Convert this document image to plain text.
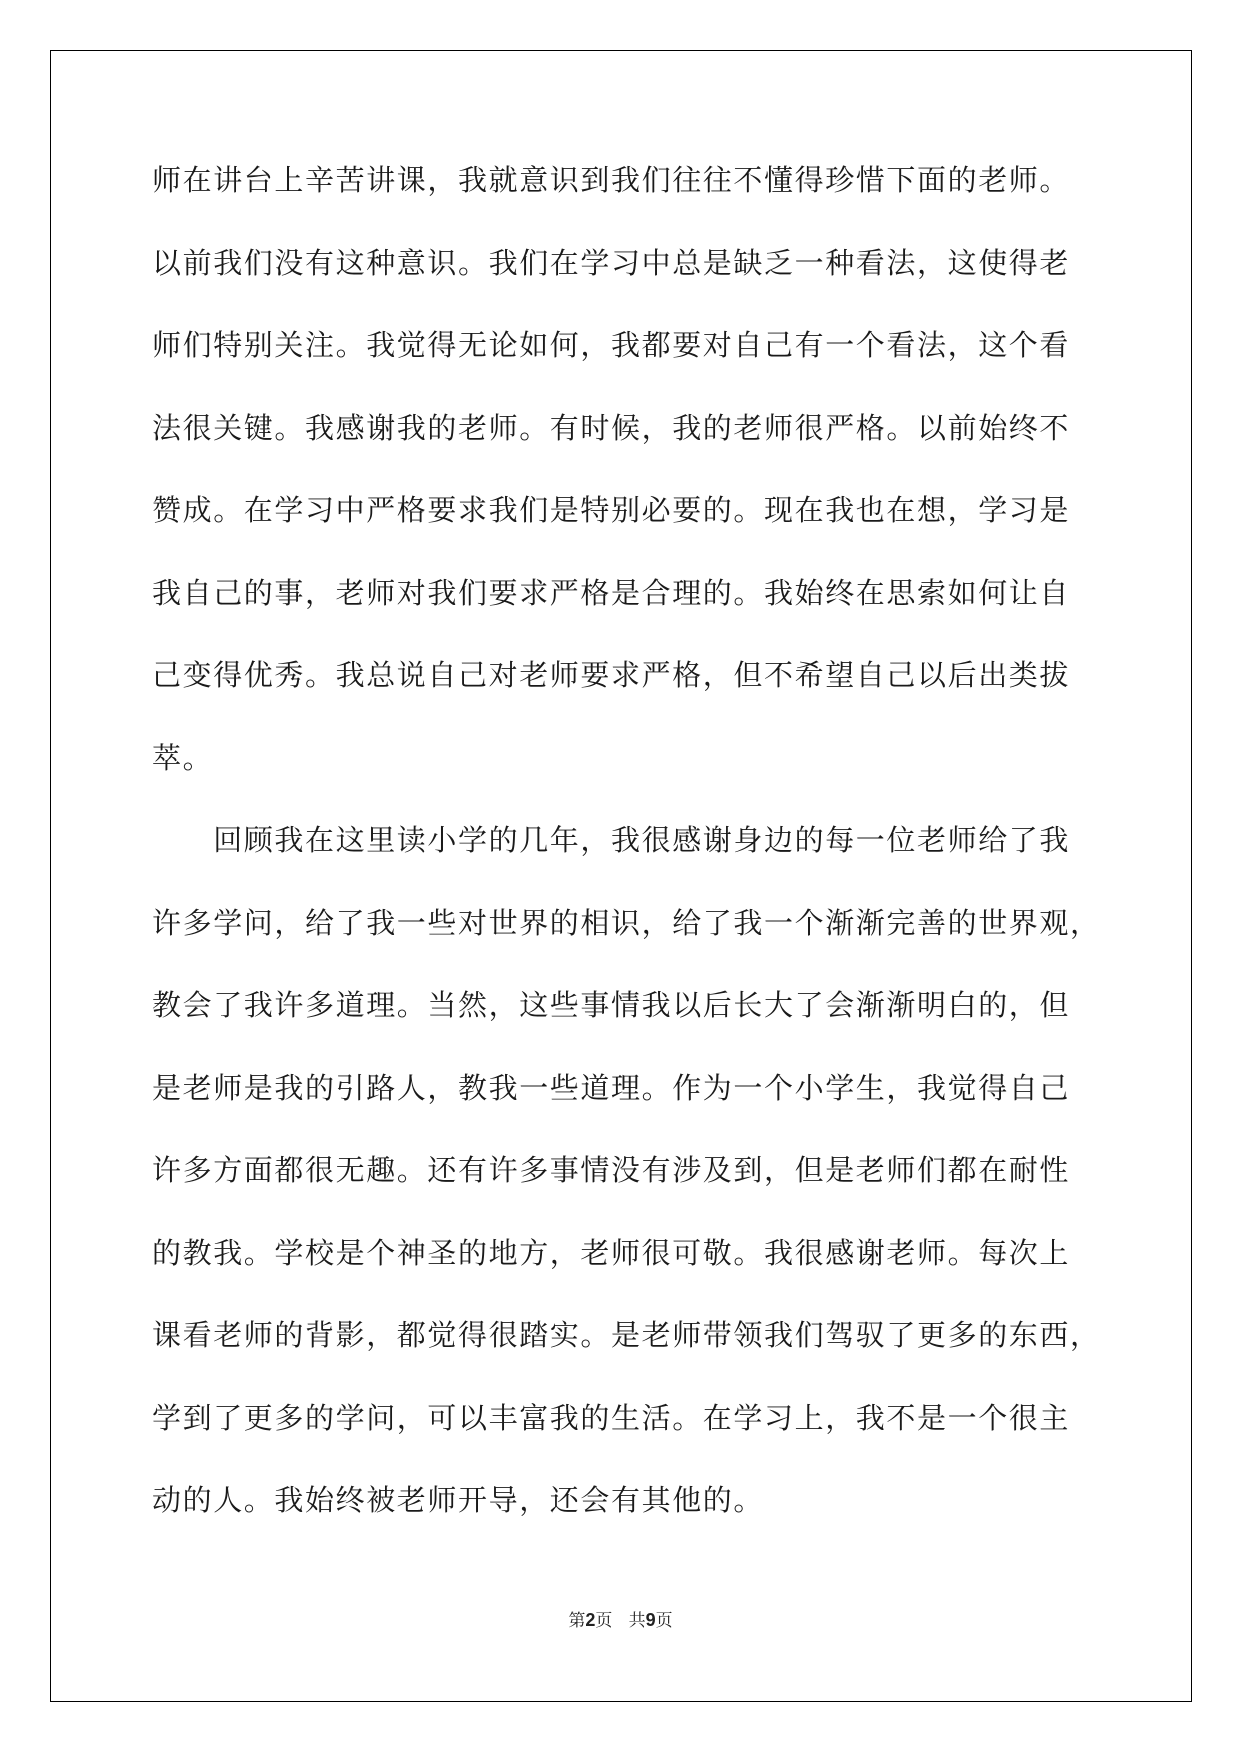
师在讲台上辛苦讲课，我就意识到我们往往不懂得珍惜下面的老师。
以前我们没有这种意识。我们在学习中总是缺乏一种看法，这使得老
师们特别关注。我觉得无论如何，我都要对自己有一个看法，这个看
法很关键。我感谢我的老师。有时候，我的老师很严格。以前始终不
赞成。在学习中严格要求我们是特别必要的。现在我也在想，学习是
我自己的事，老师对我们要求严格是合理的。我始终在思索如何让自
己变得优秀。我总说自己对老师要求严格，但不希望自己以后出类拔
萃。
　　回顾我在这里读小学的几年，我很感谢身边的每一位老师给了我
许多学问，给了我一些对世界的相识，给了我一个渐渐完善的世界观，
教会了我许多道理。当然，这些事情我以后长大了会渐渐明白的，但
是老师是我的引路人，教我一些道理。作为一个小学生，我觉得自己
许多方面都很无趣。还有许多事情没有涉及到，但是老师们都在耐性
的教我。学校是个神圣的地方，老师很可敬。我很感谢老师。每次上
课看老师的背影，都觉得很踏实。是老师带领我们驾驭了更多的东西，
学到了更多的学问，可以丰富我的生活。在学习上，我不是一个很主
动的人。我始终被老师开导，还会有其他的。
第2页 共9页
